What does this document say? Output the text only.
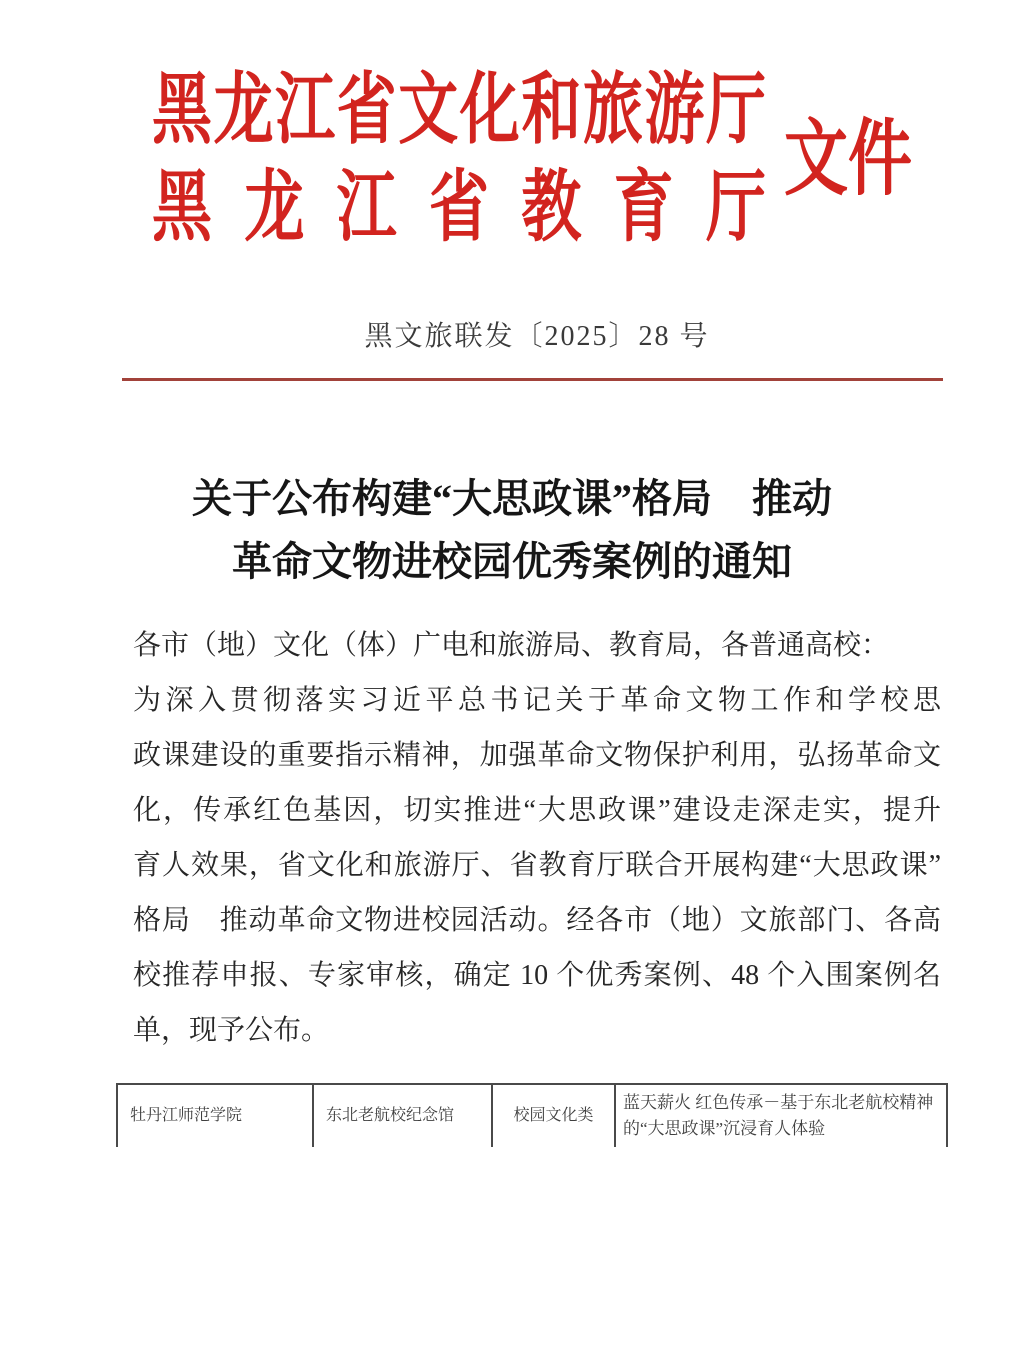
黑龙江省文化和旅游厅
黑龙江省教育厅
文件
黑文旅联发〔2025〕28 号
关于公布构建“大思政课”格局　推动
革命文物进校园优秀案例的通知
各市（地）文化（体）广电和旅游局、教育局，各普通高校：
为深入贯彻落实习近平总书记关于革命文物工作和学校思
政课建设的重要指示精神，加强革命文物保护利用，弘扬革命文
化，传承红色基因，切实推进“大思政课”建设走深走实，提升
育人效果，省文化和旅游厅、省教育厅联合开展构建“大思政课”
格局　推动革命文物进校园活动。经各市（地）文旅部门、各高
校推荐申报、专家审核，确定 10 个优秀案例、48 个入围案例名
单，现予公布。
牡丹江师范学院	东北老航校纪念馆	校园文化类
蓝天薪火 红色传承－基于东北老航校精神的“大思政课”沉浸育人体验
